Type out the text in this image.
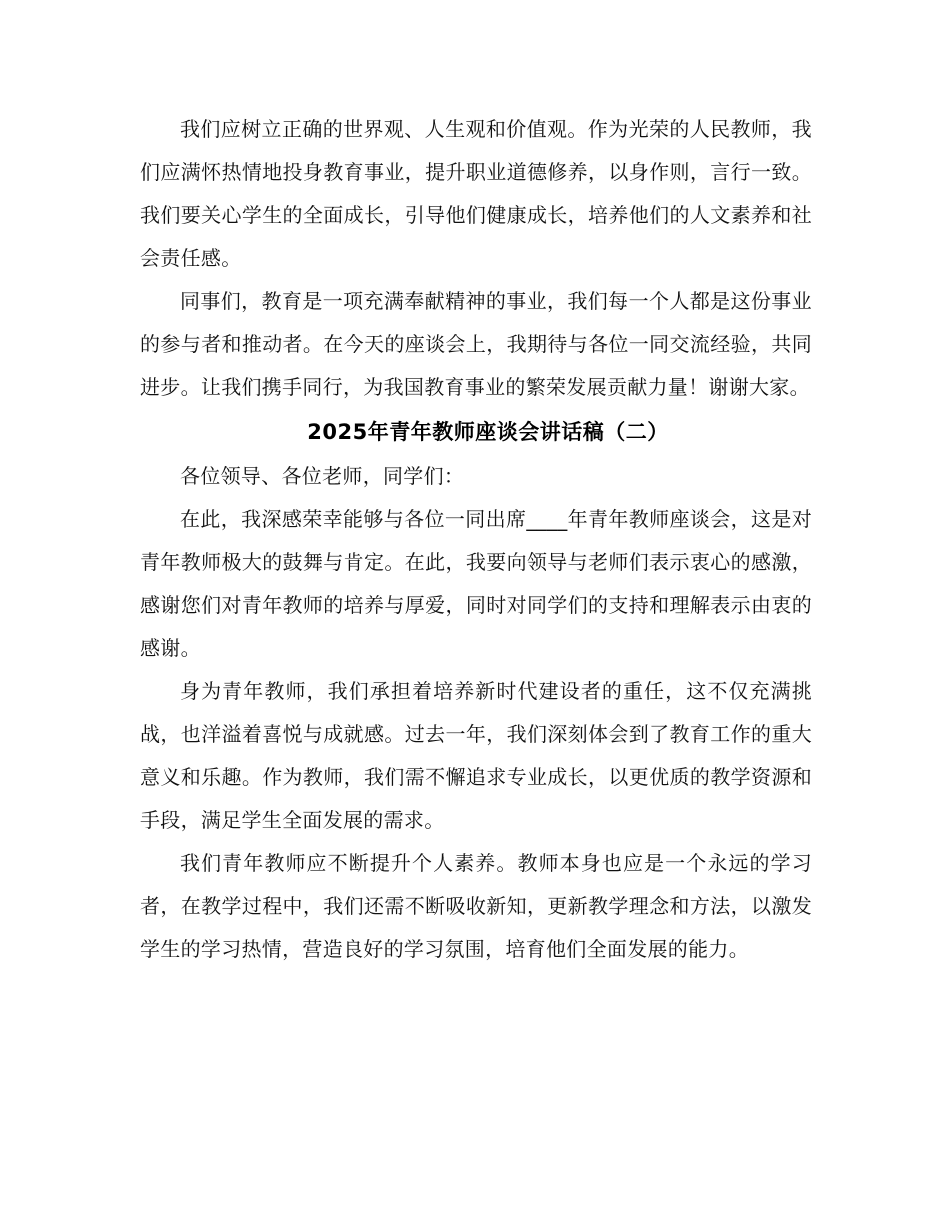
我们应树立正确的世界观、人生观和价值观。作为光荣的人民教师，我们应满怀热情地投身教育事业，提升职业道德修养，以身作则，言行一致。我们要关心学生的全面成长，引导他们健康成长，培养他们的人文素养和社会责任感。

同事们，教育是一项充满奉献精神的事业，我们每一个人都是这份事业的参与者和推动者。在今天的座谈会上，我期待与各位一同交流经验，共同进步。让我们携手同行，为我国教育事业的繁荣发展贡献力量！谢谢大家。

2025年青年教师座谈会讲话稿（二）

各位领导、各位老师，同学们：

在此，我深感荣幸能够与各位一同出席____年青年教师座谈会，这是对青年教师极大的鼓舞与肯定。在此，我要向领导与老师们表示衷心的感激，感谢您们对青年教师的培养与厚爱，同时对同学们的支持和理解表示由衷的感谢。

身为青年教师，我们承担着培养新时代建设者的重任，这不仅充满挑战，也洋溢着喜悦与成就感。过去一年，我们深刻体会到了教育工作的重大意义和乐趣。作为教师，我们需不懈追求专业成长，以更优质的教学资源和手段，满足学生全面发展的需求。

我们青年教师应不断提升个人素养。教师本身也应是一个永远的学习者，在教学过程中，我们还需不断吸收新知，更新教学理念和方法，以激发学生的学习热情，营造良好的学习氛围，培育他们全面发展的能力。
